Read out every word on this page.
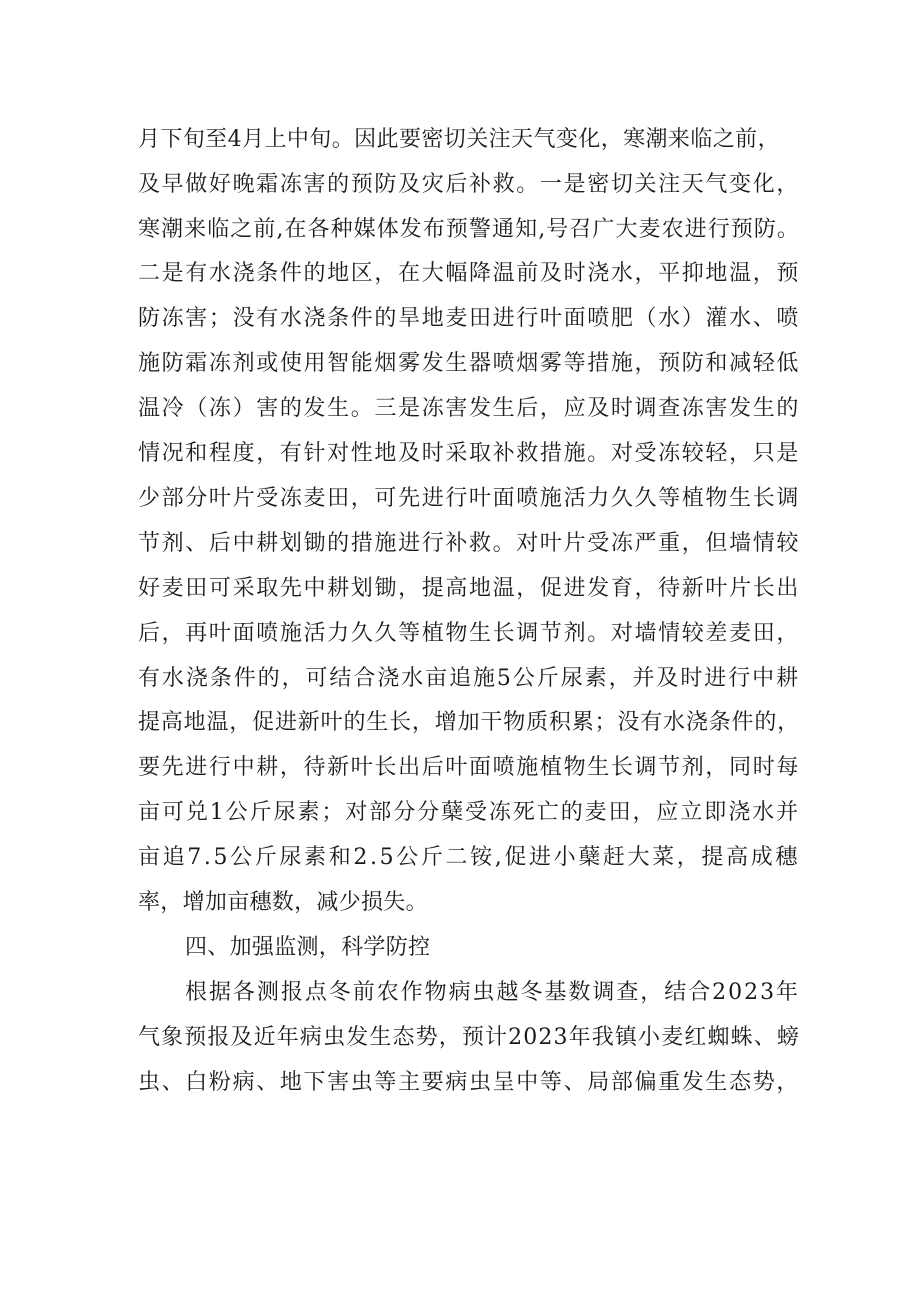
月下旬至4月上中旬。因此要密切关注天气变化，寒潮来临之前，
及早做好晚霜冻害的预防及灾后补救。一是密切关注天气变化，
寒潮来临之前,在各种媒体发布预警通知,号召广大麦农进行预防。
二是有水浇条件的地区，在大幅降温前及时浇水，平抑地温，预
防冻害；没有水浇条件的旱地麦田进行叶面喷肥（水）灌水、喷
施防霜冻剂或使用智能烟雾发生器喷烟雾等措施，预防和减轻低
温冷（冻）害的发生。三是冻害发生后，应及时调查冻害发生的
情况和程度，有针对性地及时采取补救措施。对受冻较轻，只是
少部分叶片受冻麦田，可先进行叶面喷施活力久久等植物生长调
节剂、后中耕划锄的措施进行补救。对叶片受冻严重，但墙情较
好麦田可采取先中耕划锄，提高地温，促进发育，待新叶片长出
后，再叶面喷施活力久久等植物生长调节剂。对墙情较差麦田，
有水浇条件的，可结合浇水亩追施5公斤尿素，并及时进行中耕
提高地温，促进新叶的生长，增加干物质积累；没有水浇条件的，
要先进行中耕，待新叶长出后叶面喷施植物生长调节剂，同时每
亩可兑1公斤尿素；对部分分蘖受冻死亡的麦田，应立即浇水并
亩追7.5公斤尿素和2.5公斤二铵,促进小蘖赶大菜，提高成穗
率，增加亩穗数，减少损失。
四、加强监测，科学防控
根据各测报点冬前农作物病虫越冬基数调查，结合2023年
气象预报及近年病虫发生态势，预计2023年我镇小麦红蜘蛛、螃
虫、白粉病、地下害虫等主要病虫呈中等、局部偏重发生态势，
